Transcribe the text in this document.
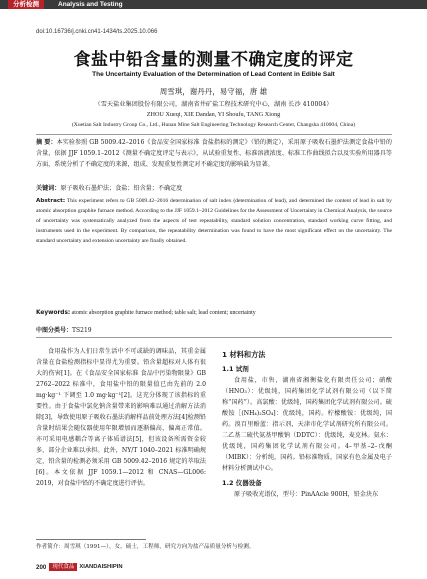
分析检测	Analysis and Testing
doi:10.16736/j.cnki.cn41-1434/ts.2025.10.066
食盐中铅含量的测量不确定度的评定
The Uncertainty Evaluation of the Determination of Lead Content in Edible Salt
周雪琪，谢丹丹，易守福，唐 雄
（雪天盐业集团股份有限公司，湖南省井矿盐工程技术研究中心，湖南 长沙 410004）
ZHOU Xueqi, XIE Dandan, YI Shoufu, TANG Xiong
(Xuetian Salt Industry Group Co., Ltd., Hunan Mine Salt Engineering Technology Research Center, Changsha 410004, China)
摘 要：本实验参照 GB 5009.42–2016《食品安全国家标准 食盐指标的测定》（铅的测定），采用原子吸收石墨炉法测定食盐中铅的含量，依据 JJF 1059.1–2012《测量不确定度评定与表示》，从试验重复性、标准溶液浓度、标准工作曲线拟合以及实验所用器具等方面，系统分析了不确定度的来源，组成、发现重复性测定对不确定度的影响最为显著。
关键词：原子吸收石墨炉法；食盐；铅含量；不确定度
Abstract: This experiment refers to GB 5009.42–2016 determination of salt index (determination of lead), and determined the content of lead in salt by atomic absorption graphite furnace method. According to the JJF 1059.1–2012 Guidelines for the Assessment of Uncertainty in Chemical Analysis, the source of uncertainty was systematically analyzed from the aspects of test repeatability, standard solution concentration, standard working curve fitting, and instruments used in the experiment. By comparison, the repeatability determination was found to have the most significant effect on the uncertainty. The standard uncertainty and extension uncertainty are finally obtained.
Keywords: atomic absorption graphite furnace method; table salt; lead content; uncertainty
中图分类号：TS219
食用盐作为人们日常生活中不可或缺的调味品，其重金属含量在食盐检测指标中显得尤为重要。铅含量超标对人体有很大的伤害[1]。在《食品安全国家标准 食品中污染物限量》GB 2762–2022 标准中，食用盐中铅的限量值已由先前的 2.0 mg·kg⁻¹ 下调至 1.0 mg·kg⁻¹[2]。这充分体现了该指标的重要性。由于食盐中氯化钠含量带来的影响难以通过消解方法消除[3]，导致使用原子吸收石墨法消解样品前处理方法[4]检测铅含量时结果会随仪器使用年限增加而逐渐偏高，偏离正常值。亦可采用电感耦合等离子体质谱法[5]，但该设备所需资金较多，部分企业难以承担。此外，NY/T 1040–2021 标准明确规定，铅含量的检测必须采用 GB 5009.42–2016 规定的萃取法[6]。本文依据 JJF 1059.1—2012 和 CNAS—GL006: 2019，对食盐中铅的不确定度进行评估。
1 材料和方法
1.1 试剂

食用盐，市售，湖南省湘衡盐化有限责任公司；硝酸（HNO₃）：优级纯，国药集团化学试剂有限公司（以下简称“国药”）。高氯酸：优级纯，国药集团化学试剂有限公司。硫酸铵［(NH₄)₂SO₄]：优级纯，国药。柠檬酸铵：优级纯，国药。溴百里酚蓝：指示剂，天津市化学试剂研究所有限公司。二乙基二硫代氨基甲酸钠（DDTC）：优级纯，麦克林。氨水：优级纯，国药集团化学试剂有限公司。4–甲基–2–戊酮（MIBK）：分析纯，国药。铅标准物质，国家有色金属及电子材料分析测试中心。

1.2 仪器设备

原子吸收光谱仪，型号：PinAAcle 900H，铅金块东

作者简介：周雪琪（1991—），女，硕士，工程师，研究方向为盐产品质量分析与检测。
200	现代食品 XIANDAISHIPIN
